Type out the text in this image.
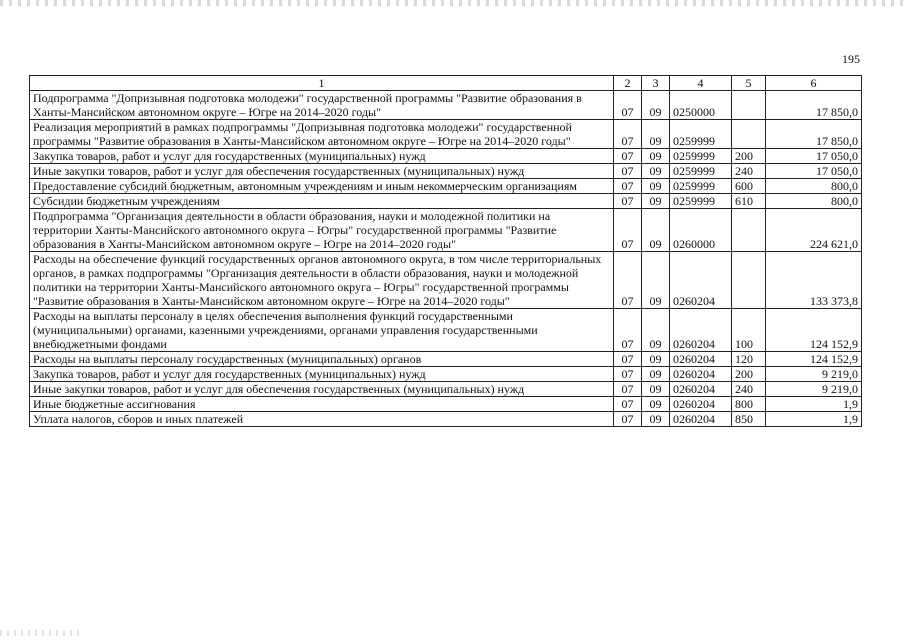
195
1	2	3	4	5	6
Подпрограмма "Допризывная подготовка молодежи" государственной программы "Развитие образования в Ханты-Мансийском автономном округе – Югре на 2014–2020 годы"	07	09	0250000		17 850,0
Реализация мероприятий в рамках подпрограммы "Допризывная подготовка молодежи" государственной программы "Развитие образования в Ханты-Мансийском автономном округе – Югре на 2014–2020 годы"	07	09	0259999		17 850,0
Закупка товаров, работ и услуг для государственных (муниципальных) нужд	07	09	0259999	200	17 050,0
Иные закупки товаров, работ и услуг для обеспечения государственных (муниципальных) нужд	07	09	0259999	240	17 050,0
Предоставление субсидий бюджетным, автономным учреждениям и иным некоммерческим организациям	07	09	0259999	600	800,0
Субсидии бюджетным учреждениям	07	09	0259999	610	800,0
Подпрограмма "Организация деятельности в области образования, науки и молодежной политики на территории Ханты-Мансийского автономного округа – Югры" государственной программы "Развитие образования в Ханты-Мансийском автономном округе – Югре на 2014–2020 годы"	07	09	0260000		224 621,0
Расходы на обеспечение функций государственных органов автономного округа, в том числе территориальных органов, в рамках подпрограммы "Организация деятельности в области образования, науки и молодежной политики на территории Ханты-Мансийского автономного округа – Югры" государственной программы "Развитие образования в Ханты-Мансийском автономном округе – Югре на 2014–2020 годы"	07	09	0260204		133 373,8
Расходы на выплаты персоналу в целях обеспечения выполнения функций государственными (муниципальными) органами, казенными учреждениями, органами управления государственными внебюджетными фондами	07	09	0260204	100	124 152,9
Расходы на выплаты персоналу государственных (муниципальных) органов	07	09	0260204	120	124 152,9
Закупка товаров, работ и услуг для государственных (муниципальных) нужд	07	09	0260204	200	9 219,0
Иные закупки товаров, работ и услуг для обеспечения государственных (муниципальных) нужд	07	09	0260204	240	9 219,0
Иные бюджетные ассигнования	07	09	0260204	800	1,9
Уплата налогов, сборов и иных платежей	07	09	0260204	850	1,9
